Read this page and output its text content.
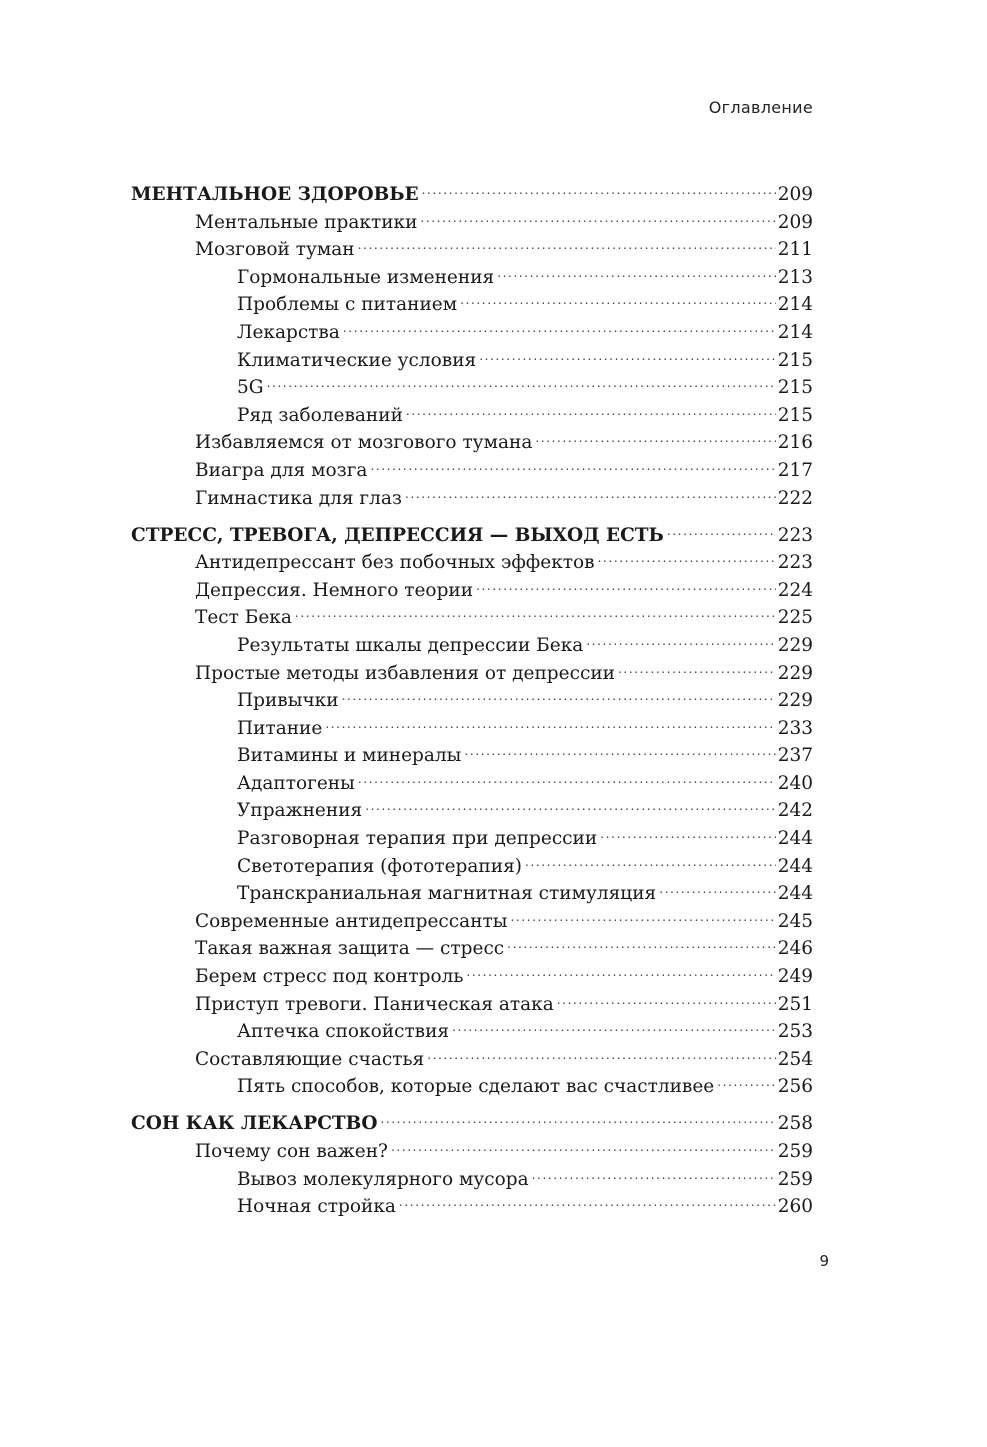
Оглавление
МЕНТАЛЬНОЕ ЗДОРОВЬЕ .....	209
Ментальные практики .....	209
Мозговой туман .....	211
Гормональные изменения .....	213
Проблемы с питанием .....	214
Лекарства .....	214
Климатические условия .....	215
5G .....	215
Ряд заболеваний .....	215
Избавляемся от мозгового тумана .....	216
Виагра для мозга .....	217
Гимнастика для глаз .....	222
СТРЕСС, ТРЕВОГА, ДЕПРЕССИЯ — ВЫХОД ЕСТЬ .....	223
Антидепрессант без побочных эффектов .....	223
Депрессия. Немного теории .....	224
Тест Бека .....	225
Результаты шкалы депрессии Бека .....	229
Простые методы избавления от депрессии .....	229
Привычки .....	229
Питание .....	233
Витамины и минералы .....	237
Адаптогены .....	240
Упражнения .....	242
Разговорная терапия при депрессии .....	244
Светотерапия (фототерапия) .....	244
Транскраниальная магнитная стимуляция .....	244
Современные антидепрессанты .....	245
Такая важная защита — стресс .....	246
Берем стресс под контроль .....	249
Приступ тревоги. Паническая атака .....	251
Аптечка спокойствия .....	253
Составляющие счастья .....	254
Пять способов, которые сделают вас счастливее .....	256
СОН КАК ЛЕКАРСТВО .....	258
Почему сон важен? .....	259
Вывоз молекулярного мусора .....	259
Ночная стройка .....	260
9
